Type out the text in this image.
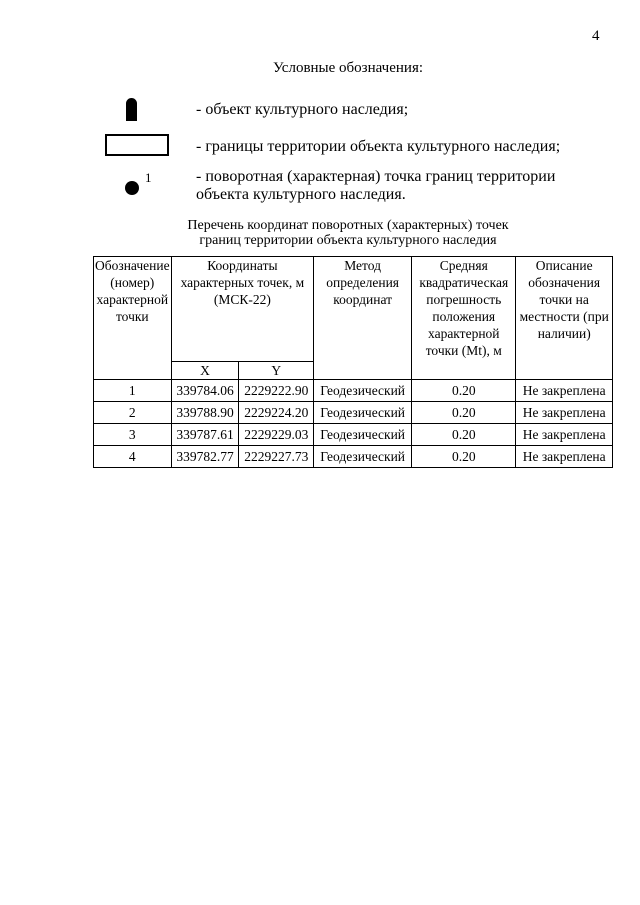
4
Условные обозначения:
- объект культурного наследия;
- границы территории объекта культурного наследия;
1	- поворотная (характерная) точка границ территории объекта культурного наследия.
Перечень координат поворотных (характерных) точек
границ территории объекта культурного наследия
Обозначение (номер) характерной точки	Координаты характерных точек, м (МСК-22)		Метод определения координат	Средняя квадратическая погрешность положения характерной точки (Mt), м	Описание обозначения точки на местности (при наличии)
	X	Y			
1	339784.06	2229222.90	Геодезический	0.20	Не закреплена
2	339788.90	2229224.20	Геодезический	0.20	Не закреплена
3	339787.61	2229229.03	Геодезический	0.20	Не закреплена
4	339782.77	2229227.73	Геодезический	0.20	Не закреплена
